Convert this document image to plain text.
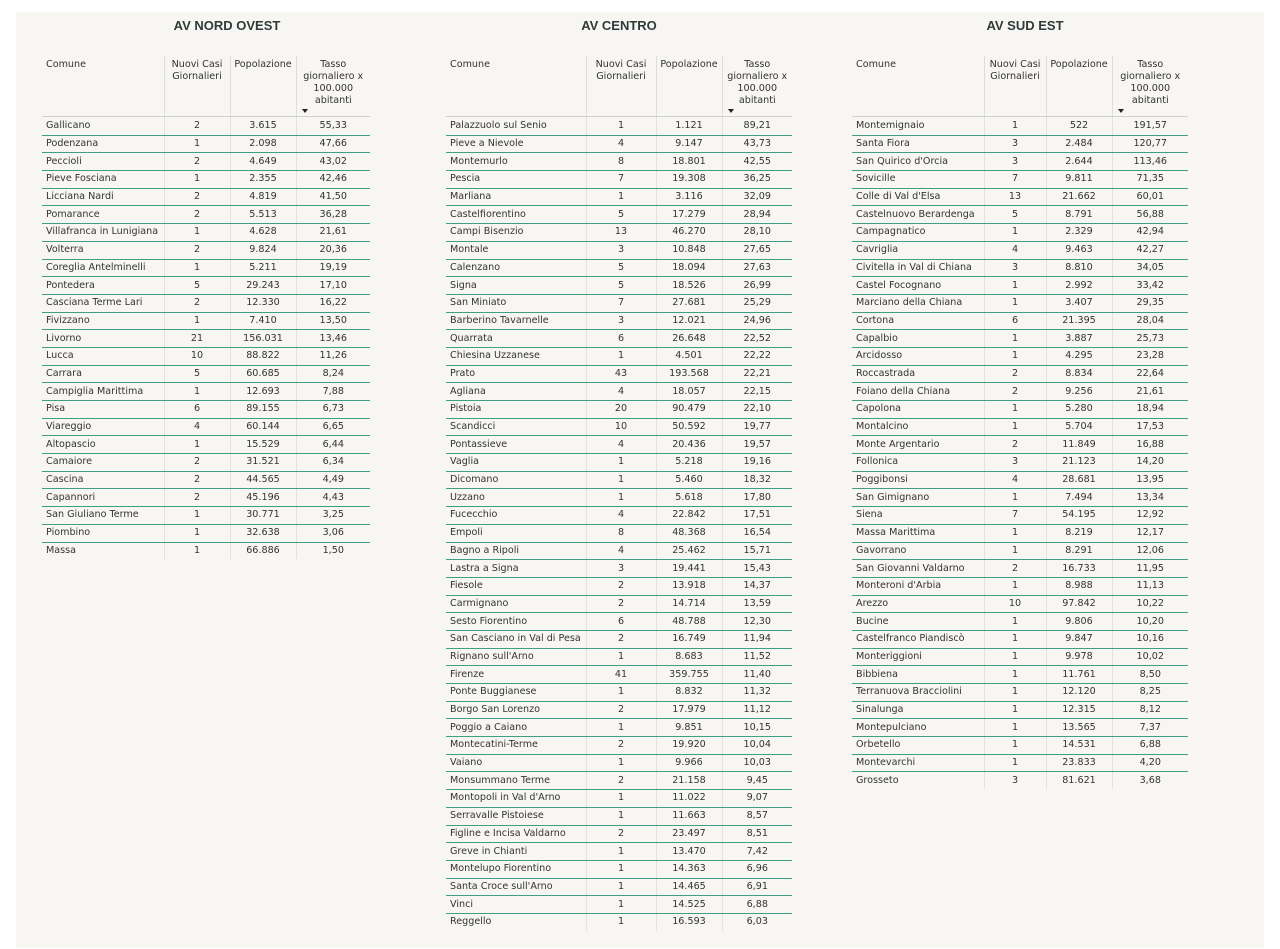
AV NORD OVEST
Comune	Nuovi Casi Giornalieri	Popolazione	Tasso giornaliero x 100.000 abitanti

Gallicano	2	3.615	55,33
Podenzana	1	2.098	47,66
Peccioli	2	4.649	43,02
Pieve Fosciana	1	2.355	42,46
Licciana Nardi	2	4.819	41,50
Pomarance	2	5.513	36,28
Villafranca in Lunigiana	1	4.628	21,61
Volterra	2	9.824	20,36
Coreglia Antelminelli	1	5.211	19,19
Pontedera	5	29.243	17,10
Casciana Terme Lari	2	12.330	16,22
Fivizzano	1	7.410	13,50
Livorno	21	156.031	13,46
Lucca	10	88.822	11,26
Carrara	5	60.685	8,24
Campiglia Marittima	1	12.693	7,88
Pisa	6	89.155	6,73
Viareggio	4	60.144	6,65
Altopascio	1	15.529	6,44
Camaiore	2	31.521	6,34
Cascina	2	44.565	4,49
Capannori	2	45.196	4,43
San Giuliano Terme	1	30.771	3,25
Piombino	1	32.638	3,06
Massa	1	66.886	1,50
AV CENTRO
Comune	Nuovi Casi Giornalieri	Popolazione	Tasso giornaliero x 100.000 abitanti

Palazzuolo sul Senio	1	1.121	89,21
Pieve a Nievole	4	9.147	43,73
Montemurlo	8	18.801	42,55
Pescia	7	19.308	36,25
Marliana	1	3.116	32,09
Castelfiorentino	5	17.279	28,94
Campi Bisenzio	13	46.270	28,10
Montale	3	10.848	27,65
Calenzano	5	18.094	27,63
Signa	5	18.526	26,99
San Miniato	7	27.681	25,29
Barberino Tavarnelle	3	12.021	24,96
Quarrata	6	26.648	22,52
Chiesina Uzzanese	1	4.501	22,22
Prato	43	193.568	22,21
Agliana	4	18.057	22,15
Pistoia	20	90.479	22,10
Scandicci	10	50.592	19,77
Pontassieve	4	20.436	19,57
Vaglia	1	5.218	19,16
Dicomano	1	5.460	18,32
Uzzano	1	5.618	17,80
Fucecchio	4	22.842	17,51
Empoli	8	48.368	16,54
Bagno a Ripoli	4	25.462	15,71
Lastra a Signa	3	19.441	15,43
Fiesole	2	13.918	14,37
Carmignano	2	14.714	13,59
Sesto Fiorentino	6	48.788	12,30
San Casciano in Val di Pesa	2	16.749	11,94
Rignano sull'Arno	1	8.683	11,52
Firenze	41	359.755	11,40
Ponte Buggianese	1	8.832	11,32
Borgo San Lorenzo	2	17.979	11,12
Poggio a Caiano	1	9.851	10,15
Montecatini-Terme	2	19.920	10,04
Vaiano	1	9.966	10,03
Monsummano Terme	2	21.158	9,45
Montopoli in Val d'Arno	1	11.022	9,07
Serravalle Pistoiese	1	11.663	8,57
Figline e Incisa Valdarno	2	23.497	8,51
Greve in Chianti	1	13.470	7,42
Montelupo Fiorentino	1	14.363	6,96
Santa Croce sull'Arno	1	14.465	6,91
Vinci	1	14.525	6,88
Reggello	1	16.593	6,03
AV SUD EST
Comune	Nuovi Casi Giornalieri	Popolazione	Tasso giornaliero x 100.000 abitanti

Montemignaio	1	522	191,57
Santa Fiora	3	2.484	120,77
San Quirico d'Orcia	3	2.644	113,46
Sovicille	7	9.811	71,35
Colle di Val d'Elsa	13	21.662	60,01
Castelnuovo Berardenga	5	8.791	56,88
Campagnatico	1	2.329	42,94
Cavriglia	4	9.463	42,27
Civitella in Val di Chiana	3	8.810	34,05
Castel Focognano	1	2.992	33,42
Marciano della Chiana	1	3.407	29,35
Cortona	6	21.395	28,04
Capalbio	1	3.887	25,73
Arcidosso	1	4.295	23,28
Roccastrada	2	8.834	22,64
Foiano della Chiana	2	9.256	21,61
Capolona	1	5.280	18,94
Montalcino	1	5.704	17,53
Monte Argentario	2	11.849	16,88
Follonica	3	21.123	14,20
Poggibonsi	4	28.681	13,95
San Gimignano	1	7.494	13,34
Siena	7	54.195	12,92
Massa Marittima	1	8.219	12,17
Gavorrano	1	8.291	12,06
San Giovanni Valdarno	2	16.733	11,95
Monteroni d'Arbia	1	8.988	11,13
Arezzo	10	97.842	10,22
Bucine	1	9.806	10,20
Castelfranco Piandiscò	1	9.847	10,16
Monteriggioni	1	9.978	10,02
Bibbiena	1	11.761	8,50
Terranuova Bracciolini	1	12.120	8,25
Sinalunga	1	12.315	8,12
Montepulciano	1	13.565	7,37
Orbetello	1	14.531	6,88
Montevarchi	1	23.833	4,20
Grosseto	3	81.621	3,68
